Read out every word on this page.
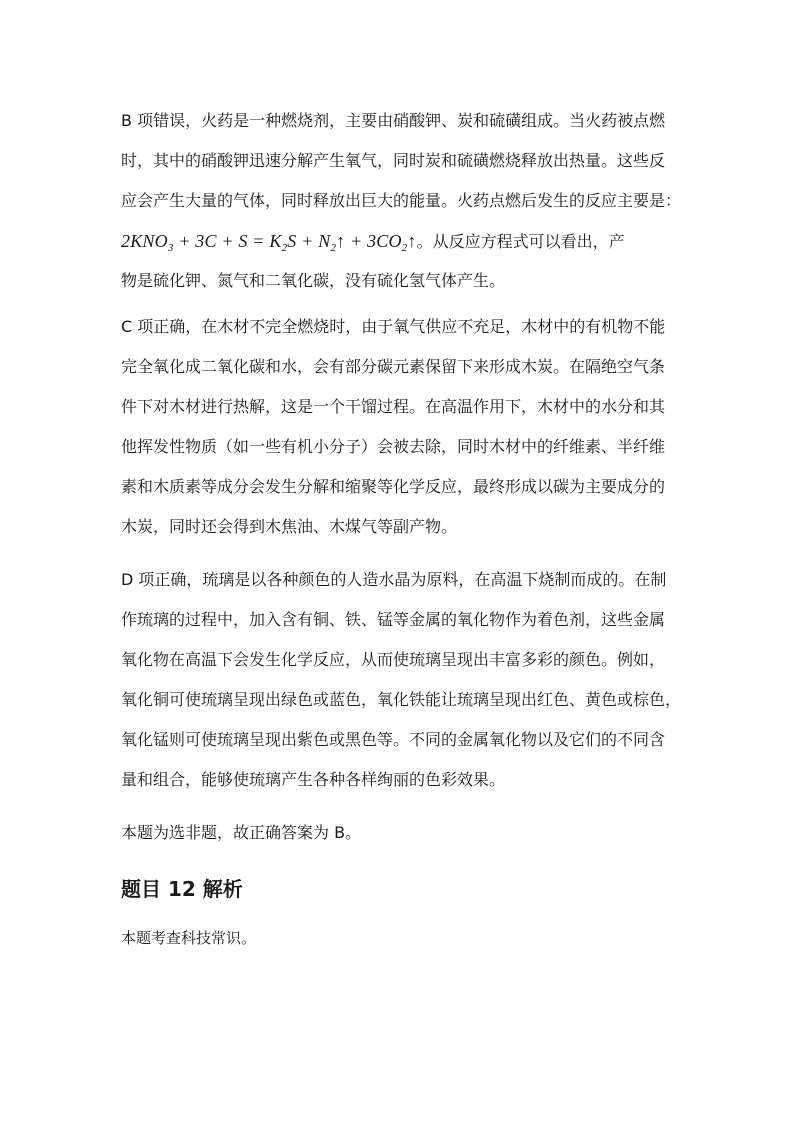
B 项错误，火药是一种燃烧剂，主要由硝酸钾、炭和硫磺组成。当火药被点燃
时，其中的硝酸钾迅速分解产生氧气，同时炭和硫磺燃烧释放出热量。这些反
应会产生大量的气体，同时释放出巨大的能量。火药点燃后发生的反应主要是：
$2KNO_3 + 3C + S = K_2S$ + $N_2↑$ + $3CO_2↑$。从反应方程式可以看出，产
物是硫化钾、氮气和二氧化碳，没有硫化氢气体产生。
C 项正确，在木材不完全燃烧时，由于氧气供应不充足，木材中的有机物不能
完全氧化成二氧化碳和水，会有部分碳元素保留下来形成木炭。在隔绝空气条
件下对木材进行热解，这是一个干馏过程。在高温作用下，木材中的水分和其
他挥发性物质（如一些有机小分子）会被去除，同时木材中的纤维素、半纤维
素和木质素等成分会发生分解和缩聚等化学反应，最终形成以碳为主要成分的
木炭，同时还会得到木焦油、木煤气等副产物。
D 项正确，琉璃是以各种颜色的人造水晶为原料，在高温下烧制而成的。在制
作琉璃的过程中，加入含有铜、铁、锰等金属的氧化物作为着色剂，这些金属
氧化物在高温下会发生化学反应，从而使琉璃呈现出丰富多彩的颜色。例如，
氧化铜可使琉璃呈现出绿色或蓝色，氧化铁能让琉璃呈现出红色、黄色或棕色，
氧化锰则可使琉璃呈现出紫色或黑色等。不同的金属氧化物以及它们的不同含
量和组合，能够使琉璃产生各种各样绚丽的色彩效果。
本题为选非题，故正确答案为 B。
题目 12 解析
本题考查科技常识。
